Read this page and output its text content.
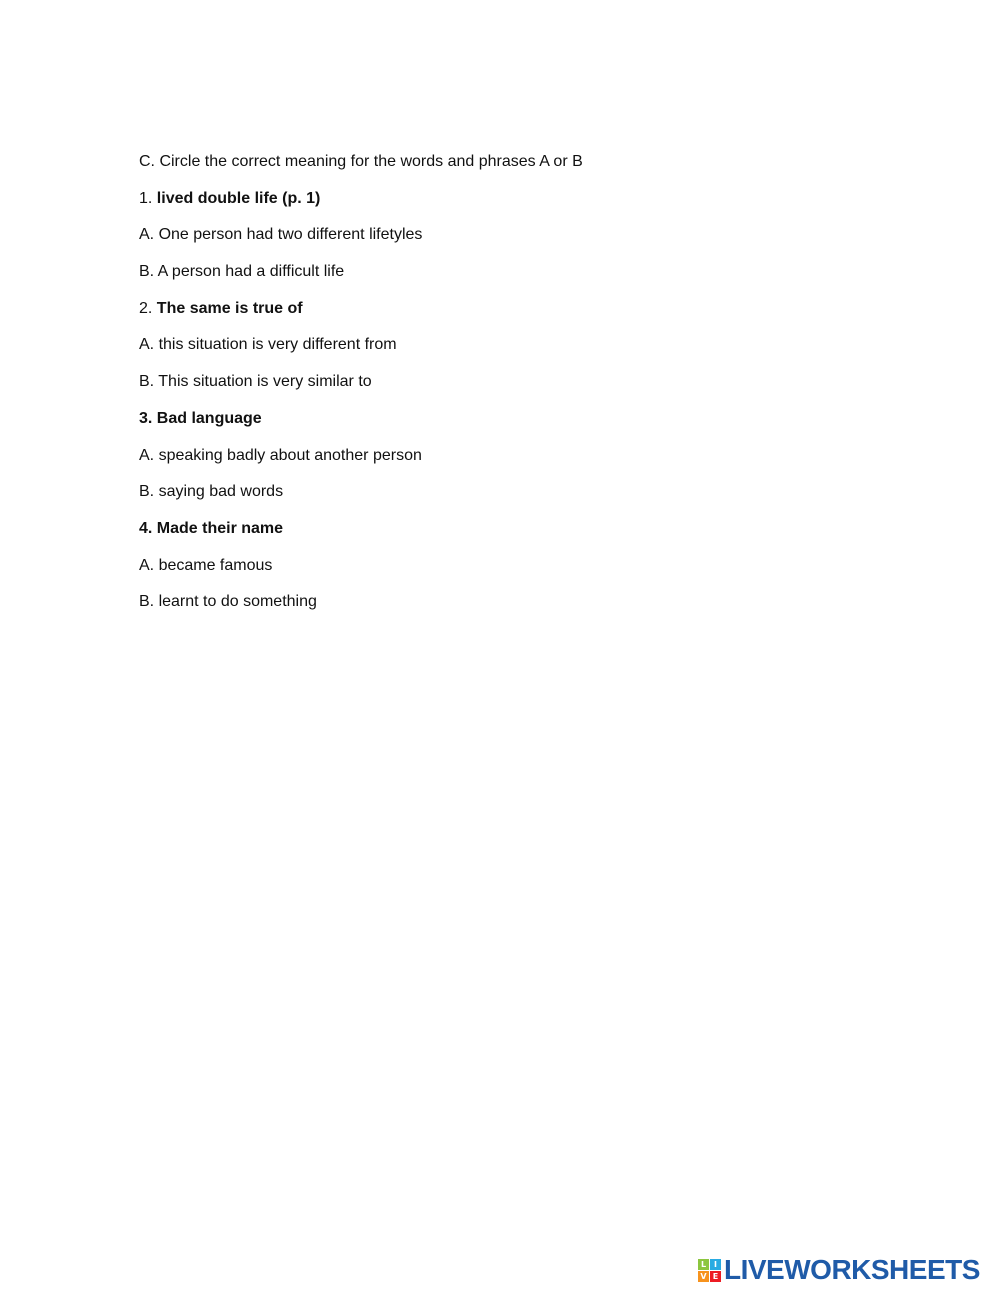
C. Circle the correct meaning for the words and phrases A or B
1. lived double life (p. 1)
A. One person had two different lifetyles
B. A person had a difficult life
2. The same is true of
A. this situation is very different from
B. This situation is very similar to
3. Bad language
A. speaking badly about another person
B. saying bad words
4. Made their name
A. became famous
B. learnt to do something
L I
V E LIVEWORKSHEETS
